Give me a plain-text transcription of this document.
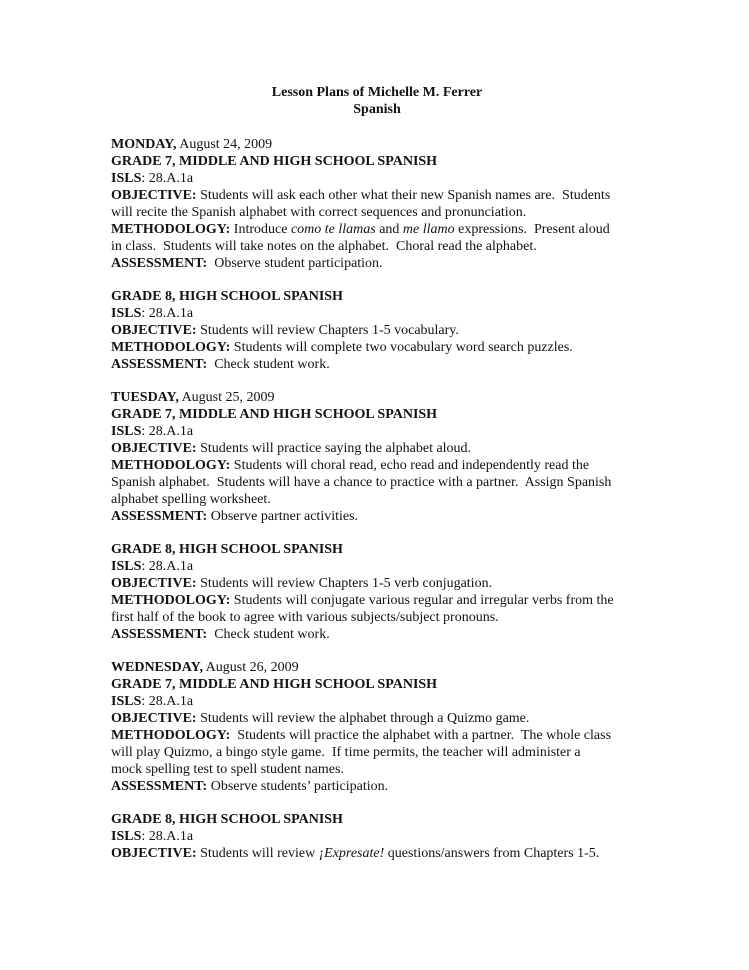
Lesson Plans of Michelle M. Ferrer
Spanish
MONDAY, August 24, 2009
GRADE 7, MIDDLE AND HIGH SCHOOL SPANISH
ISLS: 28.A.1a
OBJECTIVE: Students will ask each other what their new Spanish names are.  Students
will recite the Spanish alphabet with correct sequences and pronunciation.
METHODOLOGY: Introduce como te llamas and me llamo expressions.  Present aloud
in class.  Students will take notes on the alphabet.  Choral read the alphabet.
ASSESSMENT:  Observe student participation.
GRADE 8, HIGH SCHOOL SPANISH
ISLS: 28.A.1a
OBJECTIVE: Students will review Chapters 1-5 vocabulary.
METHODOLOGY: Students will complete two vocabulary word search puzzles.
ASSESSMENT:  Check student work.
TUESDAY, August 25, 2009
GRADE 7, MIDDLE AND HIGH SCHOOL SPANISH
ISLS: 28.A.1a
OBJECTIVE: Students will practice saying the alphabet aloud.
METHODOLOGY: Students will choral read, echo read and independently read the
Spanish alphabet.  Students will have a chance to practice with a partner.  Assign Spanish
alphabet spelling worksheet.
ASSESSMENT: Observe partner activities.
GRADE 8, HIGH SCHOOL SPANISH
ISLS: 28.A.1a
OBJECTIVE: Students will review Chapters 1-5 verb conjugation.
METHODOLOGY: Students will conjugate various regular and irregular verbs from the
first half of the book to agree with various subjects/subject pronouns.
ASSESSMENT:  Check student work.
WEDNESDAY, August 26, 2009
GRADE 7, MIDDLE AND HIGH SCHOOL SPANISH
ISLS: 28.A.1a
OBJECTIVE: Students will review the alphabet through a Quizmo game.
METHODOLOGY:  Students will practice the alphabet with a partner.  The whole class
will play Quizmo, a bingo style game.  If time permits, the teacher will administer a
mock spelling test to spell student names.
ASSESSMENT: Observe students’ participation.
GRADE 8, HIGH SCHOOL SPANISH
ISLS: 28.A.1a
OBJECTIVE: Students will review ¡Expresate! questions/answers from Chapters 1-5.
